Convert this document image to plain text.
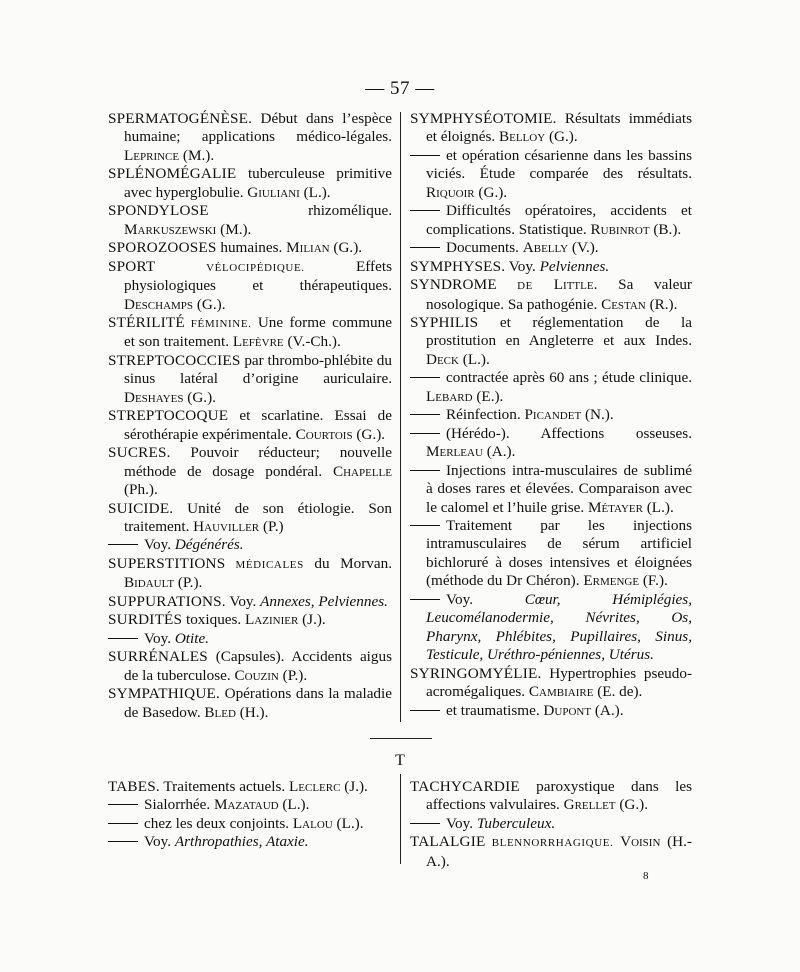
— 57 —

SPERMATOGÉNÈSE. Début dans l’espèce humaine; applications médico-légales. Leprince (M.).

SPLÉNOMÉGALIE tuberculeuse primitive avec hyperglobulie. Giuliani (L.).

SPONDYLOSE rhizomélique. Markuszewski (M.).

SPOROZOOSES humaines. Milian (G.).

SPORT VÉLOCIPÉDIQUE. Effets physiologiques et thérapeutiques. Deschamps (G.).

STÉRILITÉ FÉMININE. Une forme commune et son traitement. Lefèvre (V.-Ch.).

STREPTOCOCCIES par thrombo-phlébite du sinus latéral d’origine auriculaire. Deshayes (G.).

STREPTOCOQUE et scarlatine. Essai de sérothérapie expérimentale. Courtois (G.).

SUCRES. Pouvoir réducteur; nouvelle méthode de dosage pondéral. Chapelle (Ph.).

SUICIDE. Unité de son étiologie. Son traitement. Hauviller (P.)

Voy. Dégénérés.

SUPERSTITIONS MÉDICALES du Morvan. Bidault (P.).

SUPPURATIONS. Voy. Annexes, Pelviennes.

SURDITÉS toxiques. Lazinier (J.).

Voy. Otite.

SURRÉNALES (Capsules). Accidents aigus de la tuberculose. Couzin (P.).

SYMPATHIQUE. Opérations dans la maladie de Basedow. Bled (H.).

SYMPHYSÉOTOMIE. Résultats immédiats et éloignés. Belloy (G.).

et opération césarienne dans les bassins viciés. Étude comparée des résultats. Riquoir (G.).

Difficultés opératoires, accidents et complications. Statistique. Rubinrot (B.).

Documents. Abelly (V.).

SYMPHYSES. Voy. Pelviennes.

SYNDROME DE Little. Sa valeur nosologique. Sa pathogénie. Cestan (R.).

SYPHILIS et réglementation de la prostitution en Angleterre et aux Indes. Deck (L.).

contractée après 60 ans ; étude clinique. Lebard (E.).

Réinfection. Picandet (N.).

(Hérédo-). Affections osseuses. Merleau (A.).

Injections intra-musculaires de sublimé à doses rares et élevées. Comparaison avec le calomel et l’huile grise. Métayer (L.).

Traitement par les injections intramusculaires de sérum artificiel bichloruré à doses intensives et éloignées (méthode du Dr Chéron). Ermenge (F.).

Voy. Cœur, Hémiplégies, Leucomélanodermie, Névrites, Os, Pharynx, Phlébites, Pupillaires, Sinus, Testicule, Uréthro-péniennes, Utérus.

SYRINGOMYÉLIE. Hypertrophies pseudo-acromégaliques. Cambiaire (E. de).

et traumatisme. Dupont (A.).

T

TABES. Traitements actuels. Leclerc (J.).

Sialorrhée. Mazataud (L.).

chez les deux conjoints. Lalou (L.).

Voy. Arthropathies, Ataxie.

TACHYCARDIE paroxystique dans les affections valvulaires. Grellet (G.).

Voy. Tuberculeux.

TALALGIE BLENNORRHAGIQUE. Voisin (H.-A.).

8
